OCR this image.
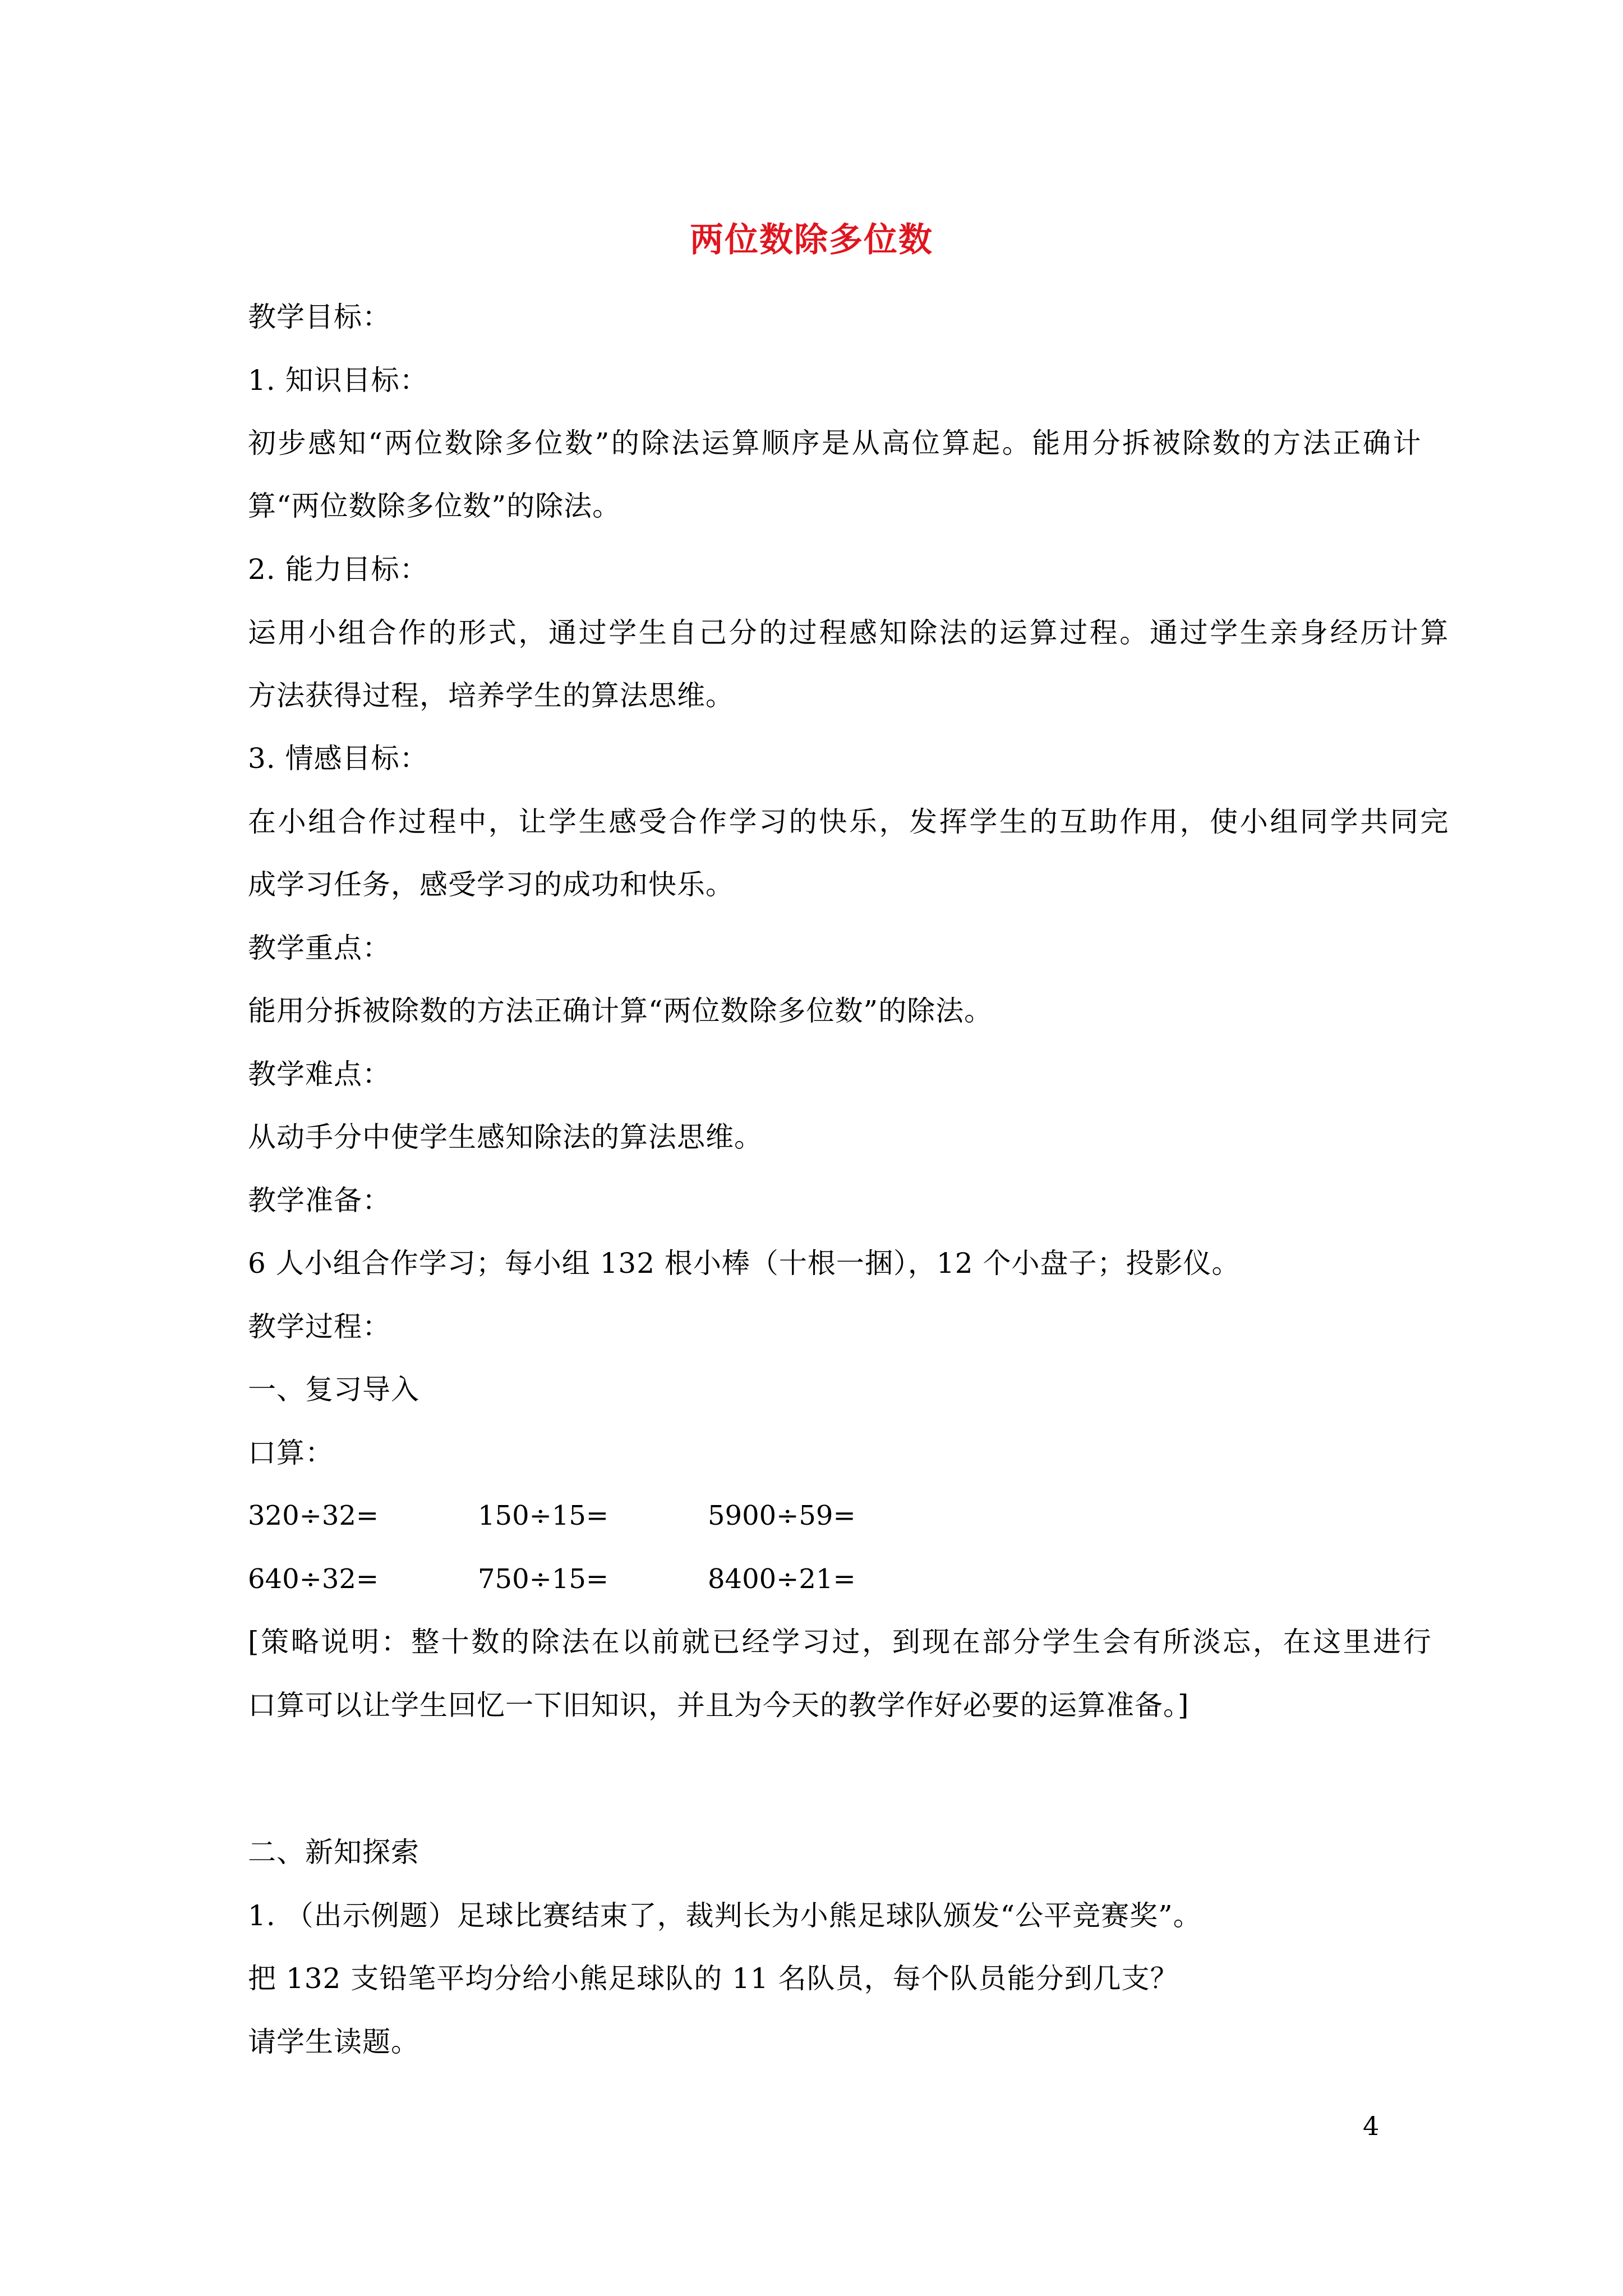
两位数除多位数
教学目标：
1. 知识目标：
初步感知“两位数除多位数”的除法运算顺序是从高位算起。能用分拆被除数的方法正确计
算“两位数除多位数”的除法。
2. 能力目标：
运用小组合作的形式，通过学生自己分的过程感知除法的运算过程。通过学生亲身经历计算
方法获得过程，培养学生的算法思维。
3. 情感目标：
在小组合作过程中，让学生感受合作学习的快乐，发挥学生的互助作用，使小组同学共同完
成学习任务，感受学习的成功和快乐。
教学重点：
能用分拆被除数的方法正确计算“两位数除多位数”的除法。
教学难点：
从动手分中使学生感知除法的算法思维。
教学准备：
6 人小组合作学习；每小组 132 根小棒（十根一捆），12 个小盘子；投影仪。
教学过程：
一、复习导入
口算：
320÷32=	150÷15=	5900÷59=
640÷32=	750÷15=	8400÷21=
[策略说明：整十数的除法在以前就已经学习过，到现在部分学生会有所淡忘，在这里进行
口算可以让学生回忆一下旧知识，并且为今天的教学作好必要的运算准备。]
二、新知探索
1. （出示例题）足球比赛结束了，裁判长为小熊足球队颁发“公平竞赛奖”。
把 132 支铅笔平均分给小熊足球队的 11 名队员，每个队员能分到几支？
请学生读题。
4
